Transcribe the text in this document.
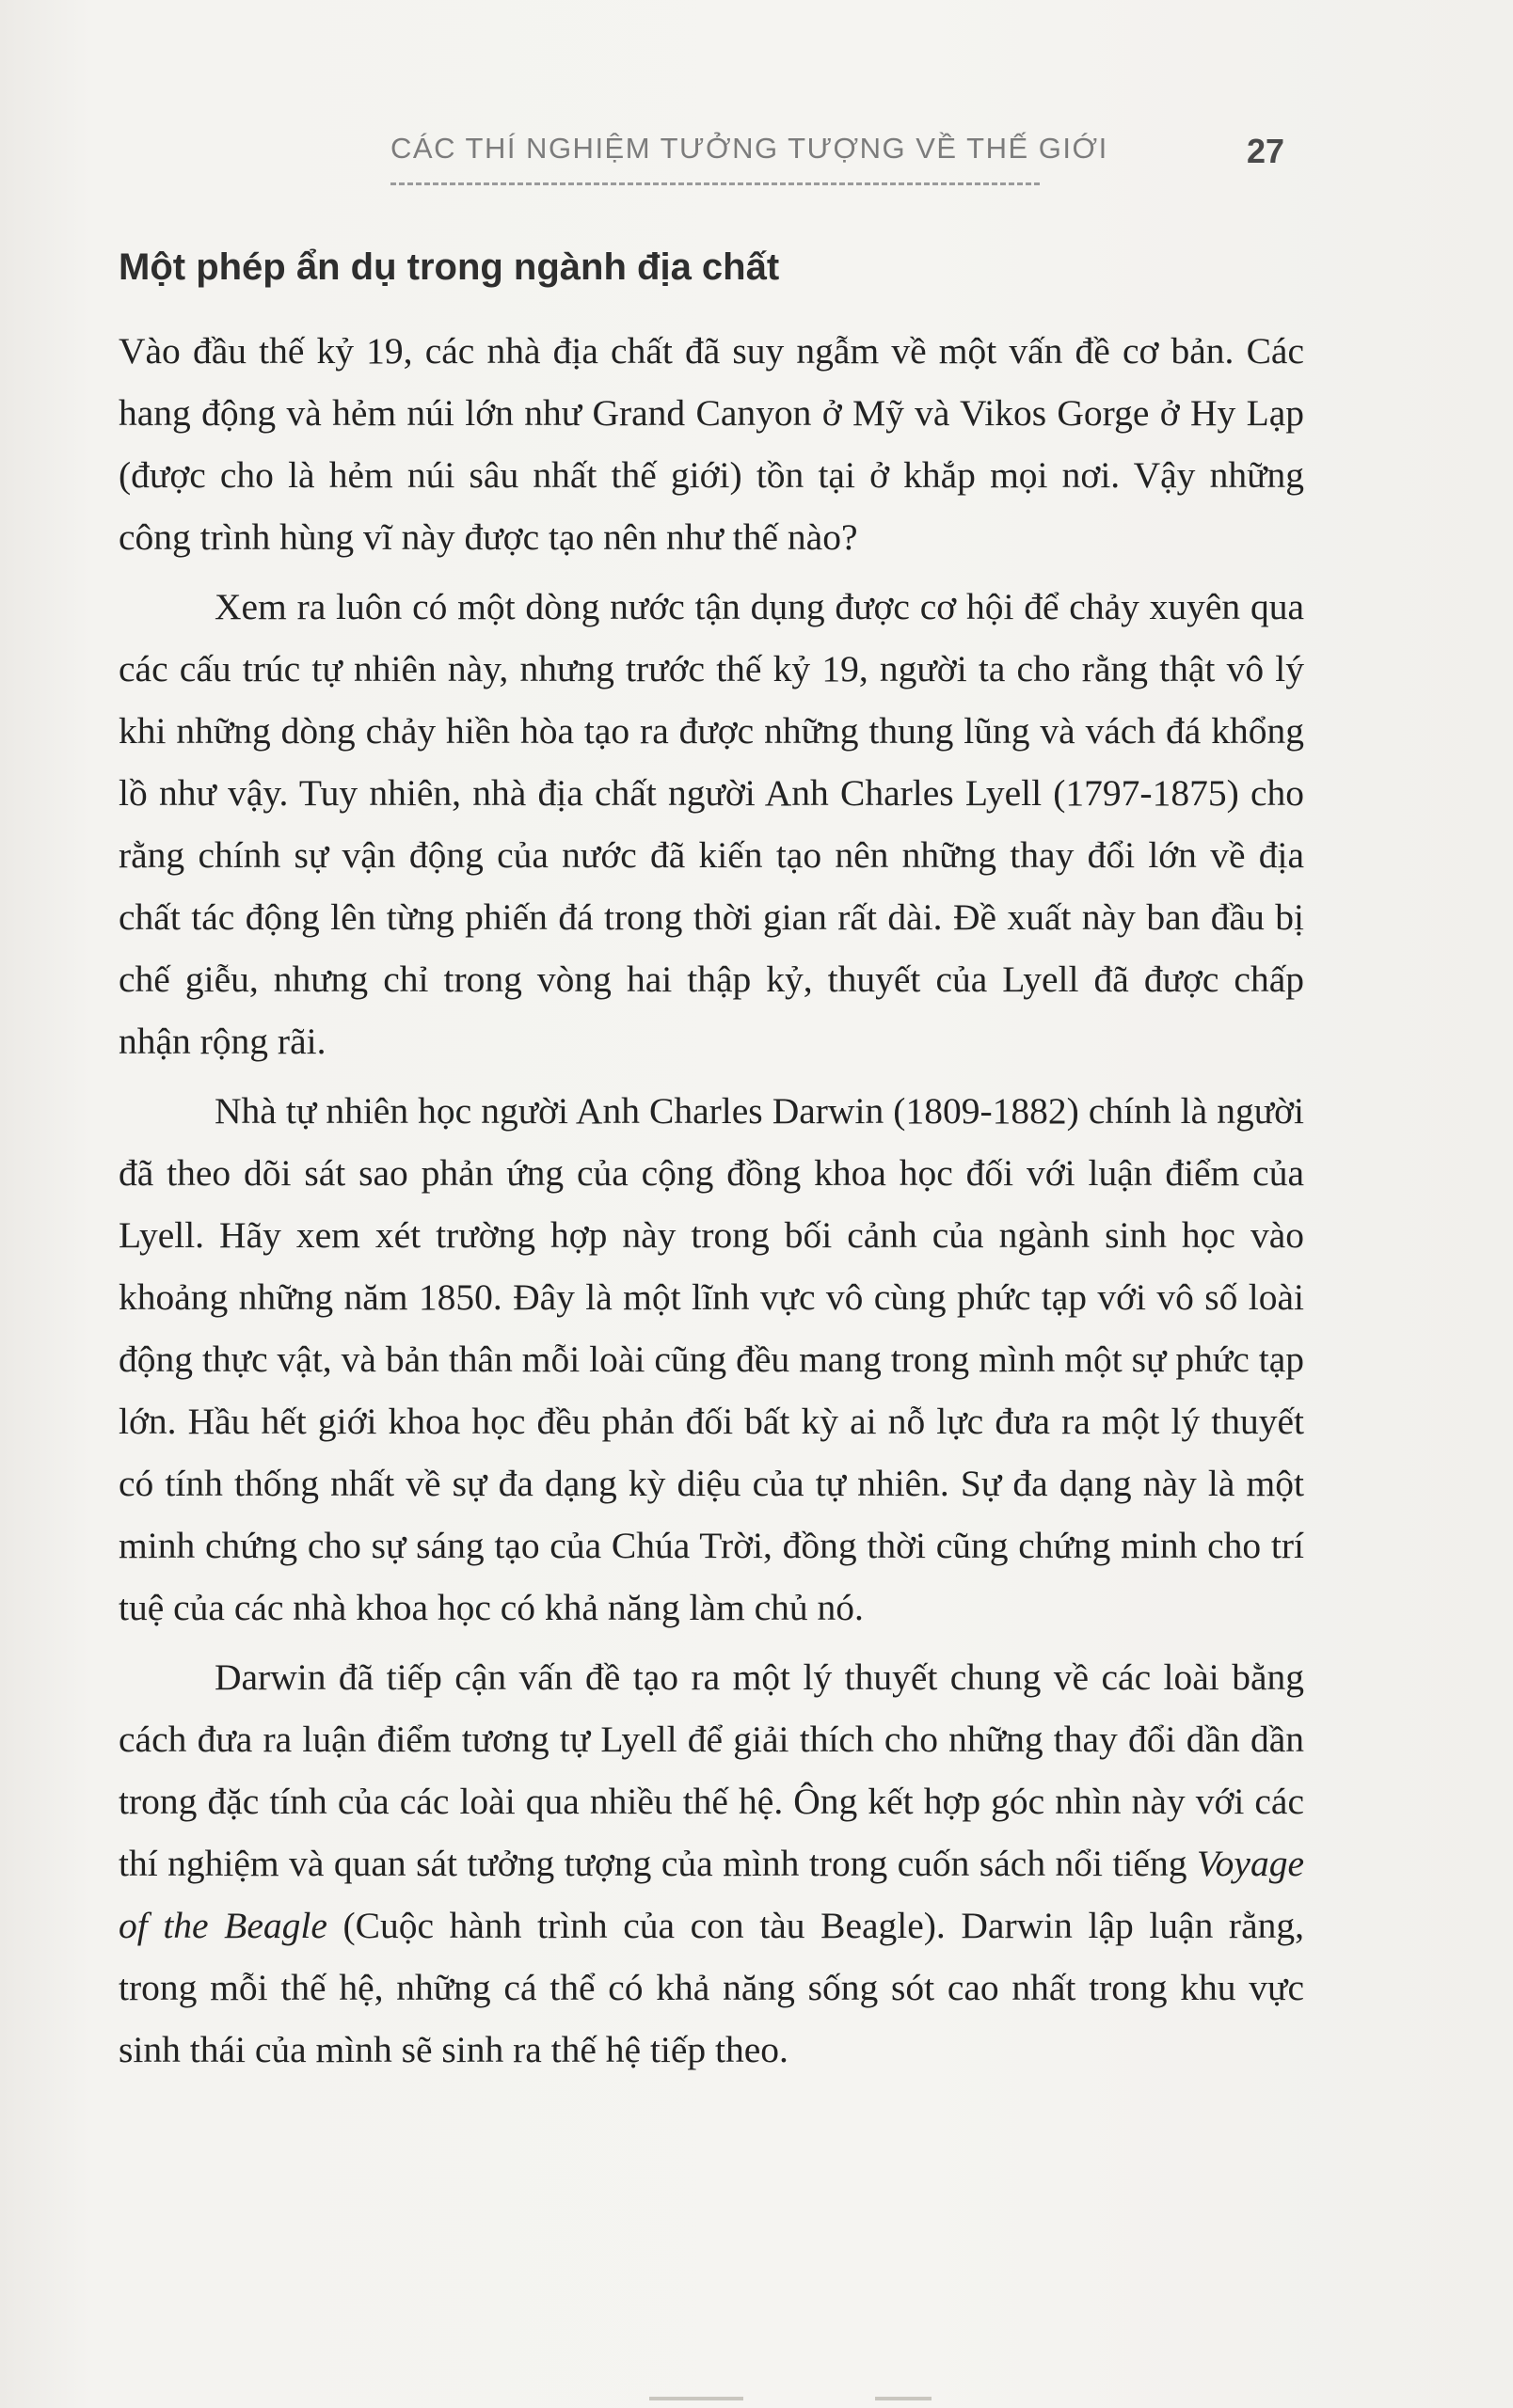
CÁC THÍ NGHIỆM TƯỞNG TƯỢNG VỀ THẾ GIỚI	27
Một phép ẩn dụ trong ngành địa chất

Vào đầu thế kỷ 19, các nhà địa chất đã suy ngẫm về một vấn đề cơ bản. Các hang động và hẻm núi lớn như Grand Canyon ở Mỹ và Vikos Gorge ở Hy Lạp (được cho là hẻm núi sâu nhất thế giới) tồn tại ở khắp mọi nơi. Vậy những công trình hùng vĩ này được tạo nên như thế nào?

Xem ra luôn có một dòng nước tận dụng được cơ hội để chảy xuyên qua các cấu trúc tự nhiên này, nhưng trước thế kỷ 19, người ta cho rằng thật vô lý khi những dòng chảy hiền hòa tạo ra được những thung lũng và vách đá khổng lồ như vậy. Tuy nhiên, nhà địa chất người Anh Charles Lyell (1797-1875) cho rằng chính sự vận động của nước đã kiến tạo nên những thay đổi lớn về địa chất tác động lên từng phiến đá trong thời gian rất dài. Đề xuất này ban đầu bị chế giễu, nhưng chỉ trong vòng hai thập kỷ, thuyết của Lyell đã được chấp nhận rộng rãi.

Nhà tự nhiên học người Anh Charles Darwin (1809-1882) chính là người đã theo dõi sát sao phản ứng của cộng đồng khoa học đối với luận điểm của Lyell. Hãy xem xét trường hợp này trong bối cảnh của ngành sinh học vào khoảng những năm 1850. Đây là một lĩnh vực vô cùng phức tạp với vô số loài động thực vật, và bản thân mỗi loài cũng đều mang trong mình một sự phức tạp lớn. Hầu hết giới khoa học đều phản đối bất kỳ ai nỗ lực đưa ra một lý thuyết có tính thống nhất về sự đa dạng kỳ diệu của tự nhiên. Sự đa dạng này là một minh chứng cho sự sáng tạo của Chúa Trời, đồng thời cũng chứng minh cho trí tuệ của các nhà khoa học có khả năng làm chủ nó.

Darwin đã tiếp cận vấn đề tạo ra một lý thuyết chung về các loài bằng cách đưa ra luận điểm tương tự Lyell để giải thích cho những thay đổi dần dần trong đặc tính của các loài qua nhiều thế hệ. Ông kết hợp góc nhìn này với các thí nghiệm và quan sát tưởng tượng của mình trong cuốn sách nổi tiếng Voyage of the Beagle (Cuộc hành trình của con tàu Beagle). Darwin lập luận rằng, trong mỗi thế hệ, những cá thể có khả năng sống sót cao nhất trong khu vực sinh thái của mình sẽ sinh ra thế hệ tiếp theo.
